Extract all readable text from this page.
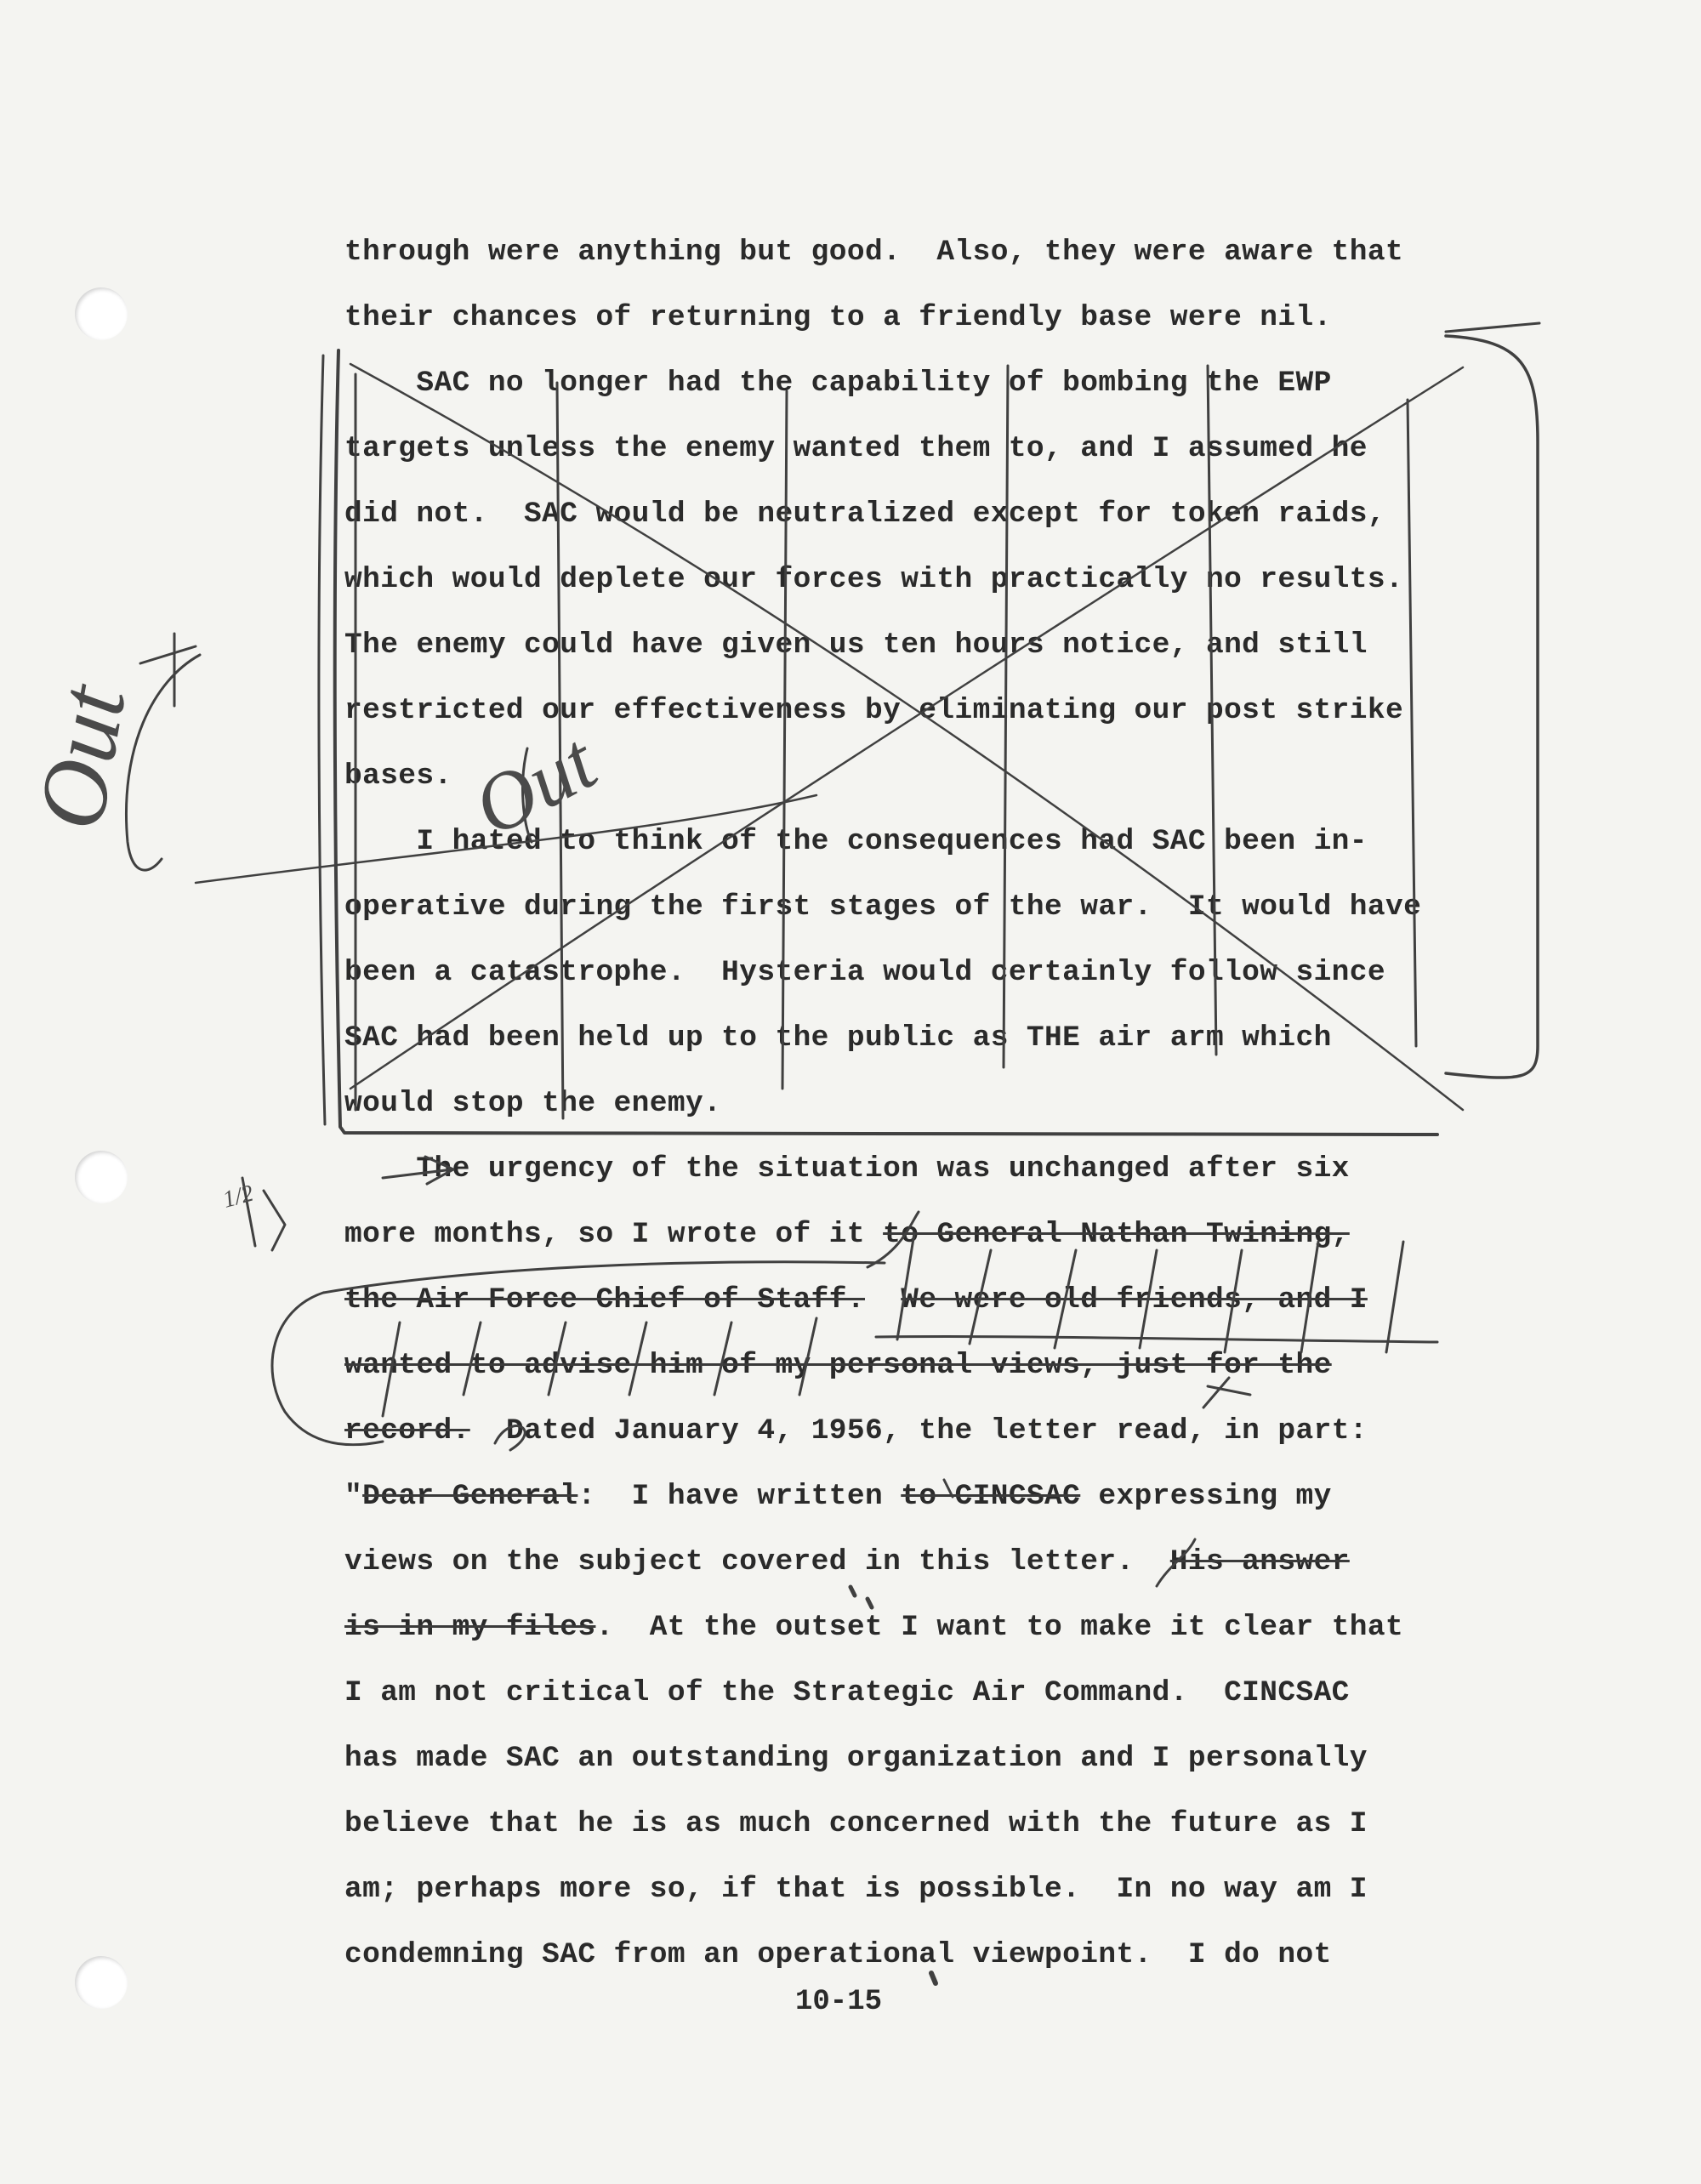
through were anything but good.  Also, they were aware that
their chances of returning to a friendly base were nil.
SAC no longer had the capability of bombing the EWP
targets unless the enemy wanted them to, and I assumed he
did not.  SAC would be neutralized except for token raids,
which would deplete our forces with practically no results.
The enemy could have given us ten hours notice, and still
restricted our effectiveness by eliminating our post strike
bases.
I hated to think of the consequences had SAC been in-
operative during the first stages of the war.  It would have
been a catastrophe.  Hysteria would certainly follow since
SAC had been held up to the public as THE air arm which
would stop the enemy.
The urgency of the situation was unchanged after six
more months, so I wrote of it to General Nathan Twining,
the Air Force Chief of Staff. We were old friends, and I
wanted to advise him of my personal views, just for the
record.  Dated January 4, 1956, the letter read, in part:
"Dear General:  I have written to CINCSAC expressing my
views on the subject covered in this letter.  His answer
is in my files.  At the outset I want to make it clear that
I am not critical of the Strategic Air Command.  CINCSAC
has made SAC an outstanding organization and I personally
believe that he is as much concerned with the future as I
am; perhaps more so, if that is possible.  In no way am I
condemning SAC from an operational viewpoint.  I do not
10-15
Out	Out
1/2
